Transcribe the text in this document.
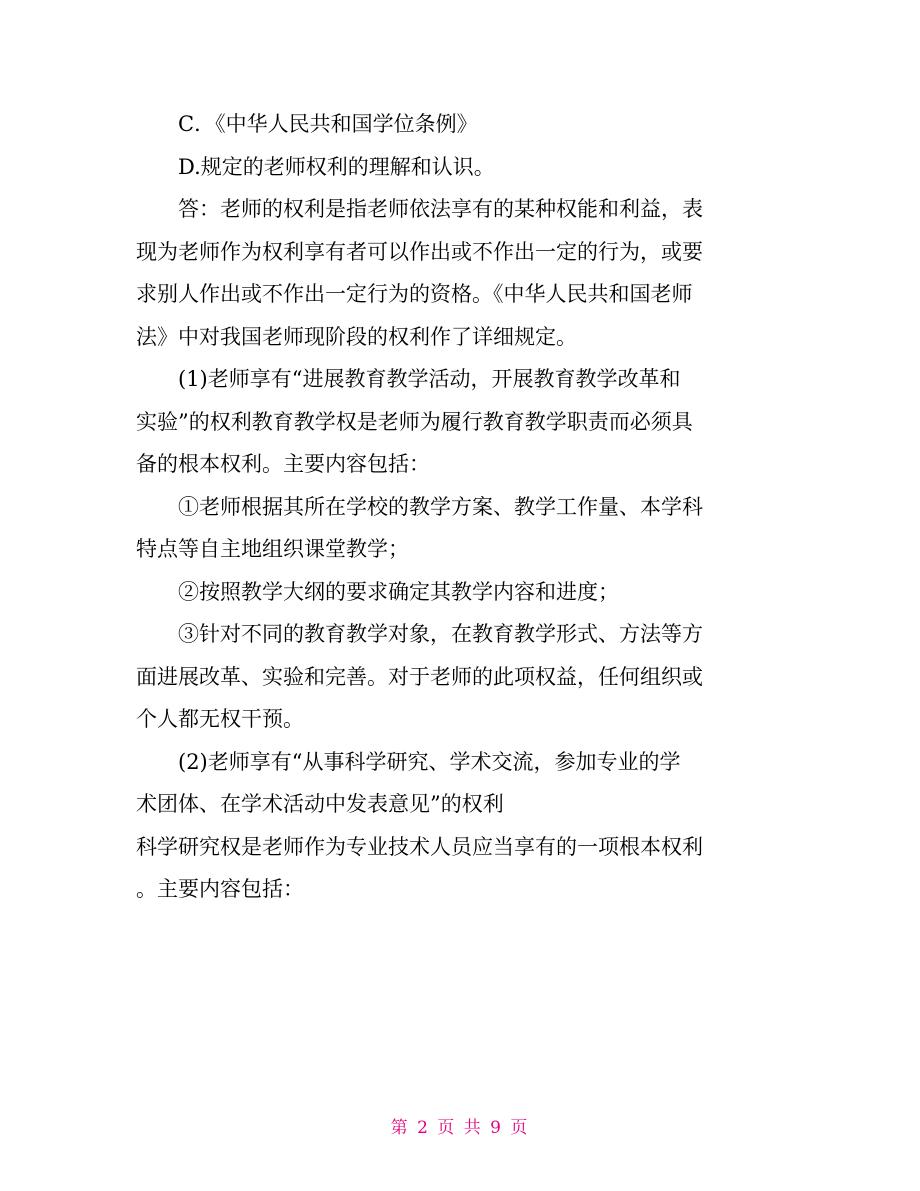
C．《中华人民共和国学位条例》

D.规定的老师权利的理解和认识。

答：老师的权利是指老师依法享有的某种权能和利益，表
现为老师作为权利享有者可以作出或不作出一定的行为，或要
求别人作出或不作出一定行为的资格。《中华人民共和国老师
法》中对我国老师现阶段的权利作了详细规定。

(1)老师享有“进展教育教学活动，开展教育教学改革和
实验”的权利教育教学权是老师为履行教育教学职责而必须具
备的根本权利。主要内容包括：

①老师根据其所在学校的教学方案、教学工作量、本学科
特点等自主地组织课堂教学；

②按照教学大纲的要求确定其教学内容和进度；

③针对不同的教育教学对象，在教育教学形式、方法等方
面进展改革、实验和完善。对于老师的此项权益，任何组织或
个人都无权干预。

(2)老师享有“从事科学研究、学术交流，参加专业的学
术团体、在学术活动中发表意见”的权利

科学研究权是老师作为专业技术人员应当享有的一项根本权利
。主要内容包括：

第 2 页 共 9 页
